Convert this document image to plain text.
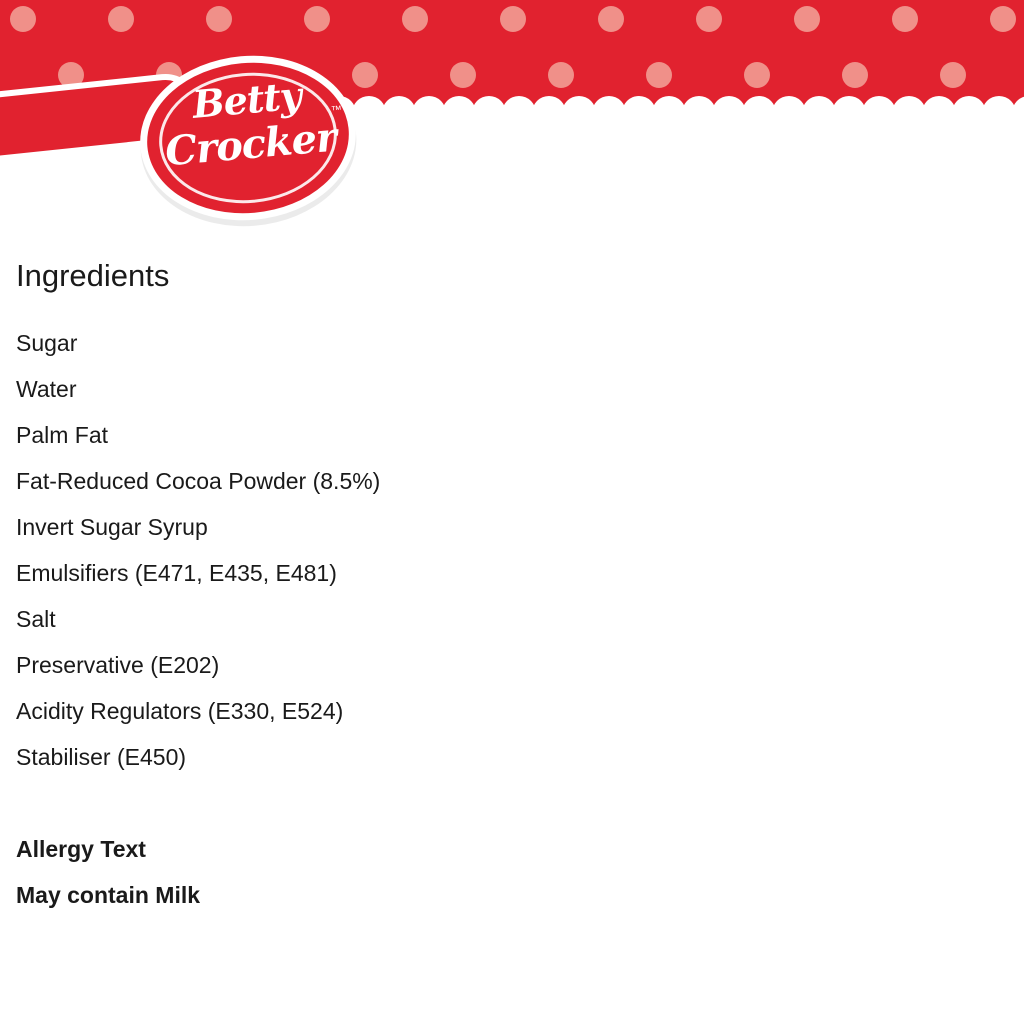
Betty
Crocker
™
Ingredients
Sugar
Water
Palm Fat
Fat-Reduced Cocoa Powder (8.5%)
Invert Sugar Syrup
Emulsifiers (E471, E435, E481)
Salt
Preservative (E202)
Acidity Regulators (E330, E524)
Stabiliser (E450)
Allergy Text
May contain Milk
